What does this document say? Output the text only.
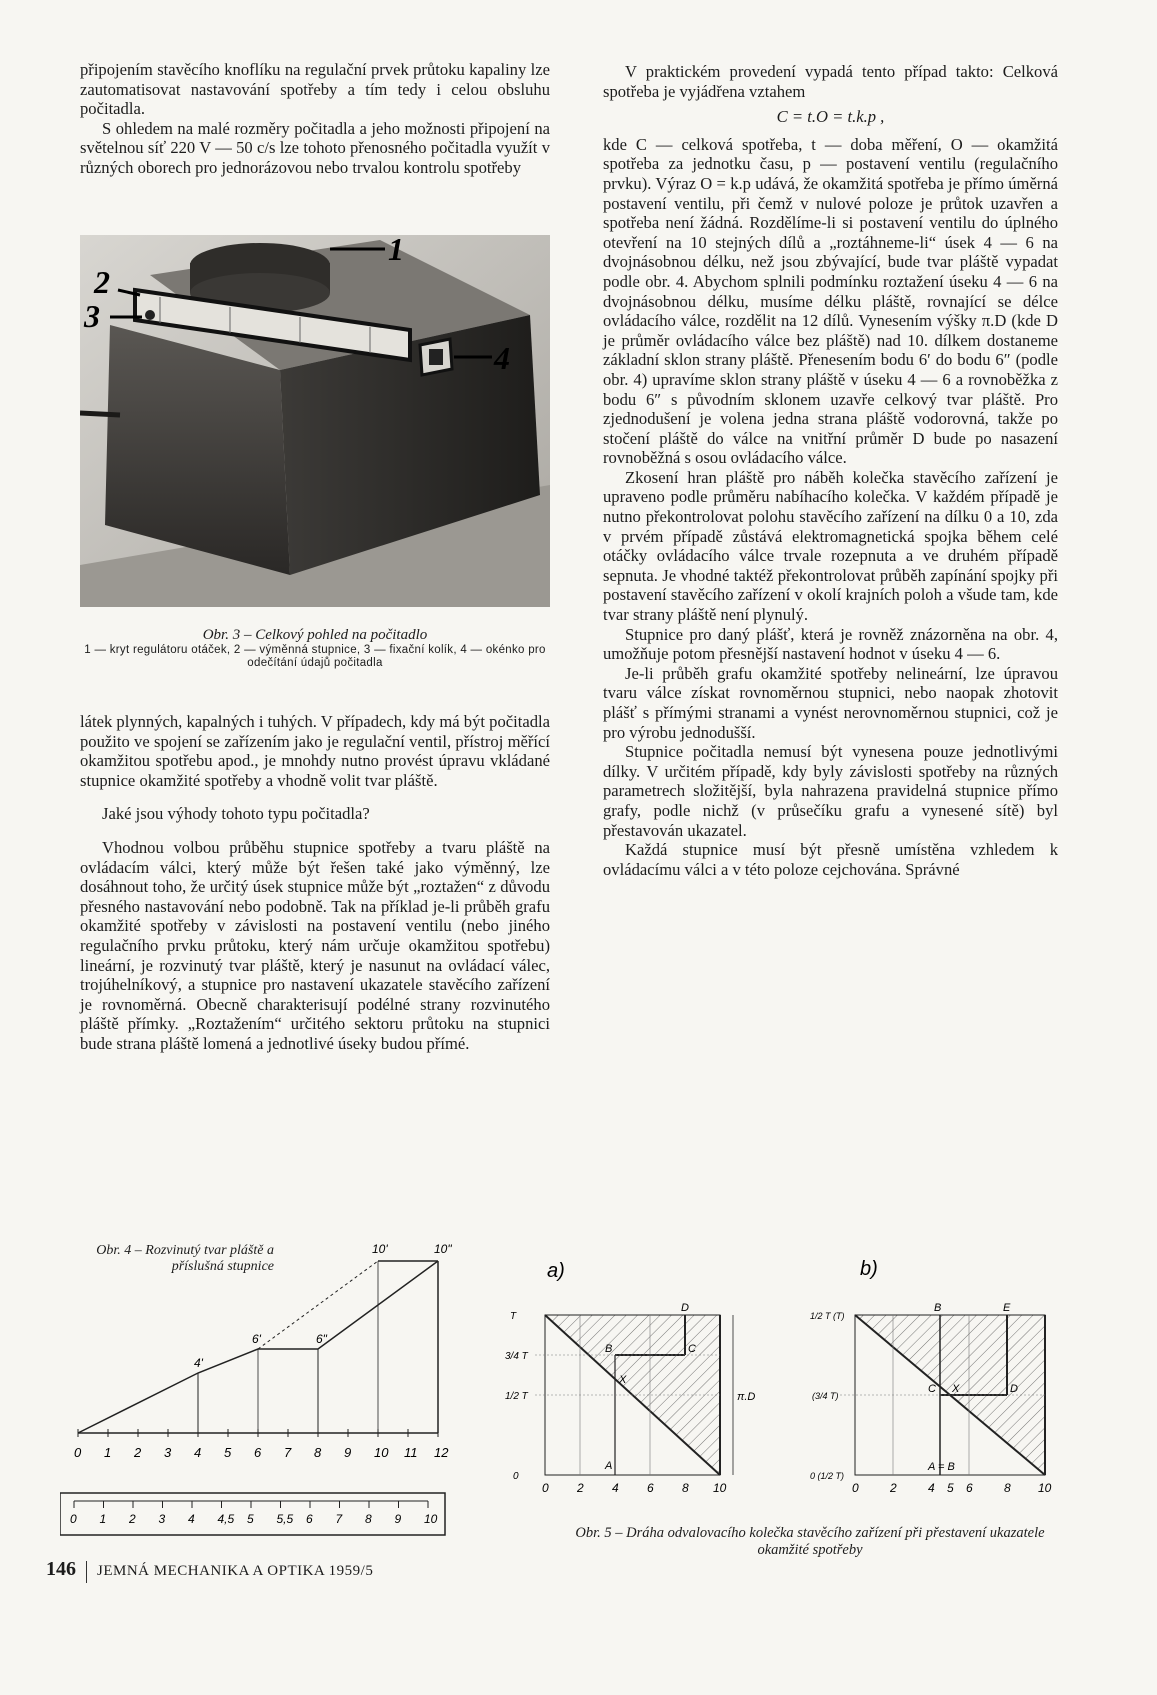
připojením stavěcího knoflíku na regulační prvek průtoku kapaliny lze zautomatisovat nastavování spotřeby a tím tedy i celou obsluhu počitadla.

S ohledem na malé rozměry počitadla a jeho možnosti připojení na světelnou síť 220 V — 50 c/s lze tohoto přenosného počitadla využít v různých oborech pro jednorázovou nebo trvalou kontrolu spotřeby

1
2
3
4
Obr. 3 – Celkový pohled na počitadlo
1 — kryt regulátoru otáček, 2 — výměnná stupnice, 3 — fixační kolík, 4 — okénko pro odečítání údajů počitadla

látek plynných, kapalných i tuhých. V případech, kdy má být počitadla použito ve spojení se zařízením jako je regulační ventil, přístroj měřící okamžitou spotřebu apod., je mnohdy nutno provést úpravu vkládané stupnice okamžité spotřeby a vhodně volit tvar pláště.

Jaké jsou výhody tohoto typu počitadla?

Vhodnou volbou průběhu stupnice spotřeby a tvaru pláště na ovládacím válci, který může být řešen také jako výměnný, lze dosáhnout toho, že určitý úsek stupnice může být „roztažen“ z důvodu přesného nastavování nebo podobně. Tak na příklad je-li průběh grafu okamžité spotřeby v závislosti na postavení ventilu (nebo jiného regulačního prvku průtoku, který nám určuje okamžitou spotřebu) lineární, je rozvinutý tvar pláště, který je nasunut na ovládací válec, trojúhelníkový, a stupnice pro nastavení ukazatele stavěcího zařízení je rovnoměrná. Obecně charakterisují podélné strany rozvinutého pláště přímky. „Roztažením“ určitého sektoru průtoku na stupnici bude strana pláště lomená a jednotlivé úseky budou přímé.

V praktickém provedení vypadá tento případ takto: Celková spotřeba je vyjádřena vztahem

C = t.O = t.k.p ,

kde C — celková spotřeba, t — doba měření, O — okamžitá spotřeba za jednotku času, p — postavení ventilu (regulačního prvku). Výraz O = k.p udává, že okamžitá spotřeba je přímo úměrná postavení ventilu, při čemž v nulové poloze je průtok uzavřen a spotřeba není žádná. Rozdělíme-li si postavení ventilu do úplného otevření na 10 stejných dílů a „roztáhneme-li“ úsek 4 — 6 na dvojnásobnou délku, než jsou zbývající, bude tvar pláště vypadat podle obr. 4. Abychom splnili podmínku roztažení úseku 4 — 6 na dvojnásobnou délku, musíme délku pláště, rovnající se délce ovládacího válce, rozdělit na 12 dílů. Vynesením výšky π.D (kde D je průměr ovládacího válce bez pláště) nad 10. dílkem dostaneme základní sklon strany pláště. Přenesením bodu 6′ do bodu 6″ (podle obr. 4) upravíme sklon strany pláště v úseku 4 — 6 a rovnoběžka z bodu 6″ s původním sklonem uzavře celkový tvar pláště. Pro zjednodušení je volena jedna strana pláště vodorovná, takže po stočení pláště do válce na vnitřní průměr D bude po nasazení rovnoběžná s osou ovládacího válce.

Zkosení hran pláště pro náběh kolečka stavěcího zařízení je upraveno podle průměru nabíhacího kolečka. V každém případě je nutno překontrolovat polohu stavěcího zařízení na dílku 0 a 10, zda v prvém případě zůstává elektromagnetická spojka během celé otáčky ovládacího válce trvale rozepnuta a ve druhém případě sepnuta. Je vhodné taktéž překontrolovat průběh zapínání spojky při postavení stavěcího zařízení v okolí krajních poloh a všude tam, kde tvar strany pláště není plynulý.

Stupnice pro daný plášť, která je rovněž znázorněna na obr. 4, umožňuje potom přesnější nastavení hodnot v úseku 4 — 6.

Je-li průběh grafu okamžité spotřeby nelineární, lze úpravou tvaru válce získat rovnoměrnou stupnici, nebo naopak zhotovit plášť s přímými stranami a vynést nerovnoměrnou stupnici, což je pro výrobu jednodušší.

Stupnice počitadla nemusí být vynesena pouze jednotlivými dílky. V určitém případě, kdy byly závislosti spotřeby na různých parametrech složitější, byla nahrazena pravidelná stupnice přímo grafy, podle nichž (v průsečíku grafu a vynesené sítě) byl přestavován ukazatel.

Každá stupnice musí být přesně umístěna vzhledem k ovládacímu válci a v této poloze cejchována. Správné

Obr. 4 – Rozvinutý tvar pláště a příslušná stupnice
0 1 2 3 4 5 6 7 8 9 10 11 12
4'
6'	6"
10'	10"
0 1 2 3 4 4,5 5 5,5 6 7 8 9 10
a)
π.D
T
3/4 T
1/2 T
0
A
B	C
D
X
0 2 4 6 8 10
b)
1/2 T (T)
(3/4 T)
0 (1/2 T)
B	E
C X	D
A = B
0	2	4 5 6	8 10
Obr. 5 – Dráha odvalovacího kolečka stavěcího zařízení při přestavení ukazatele okamžité spotřeby
146 JEMNÁ MECHANIKA A OPTIKA 1959/5
